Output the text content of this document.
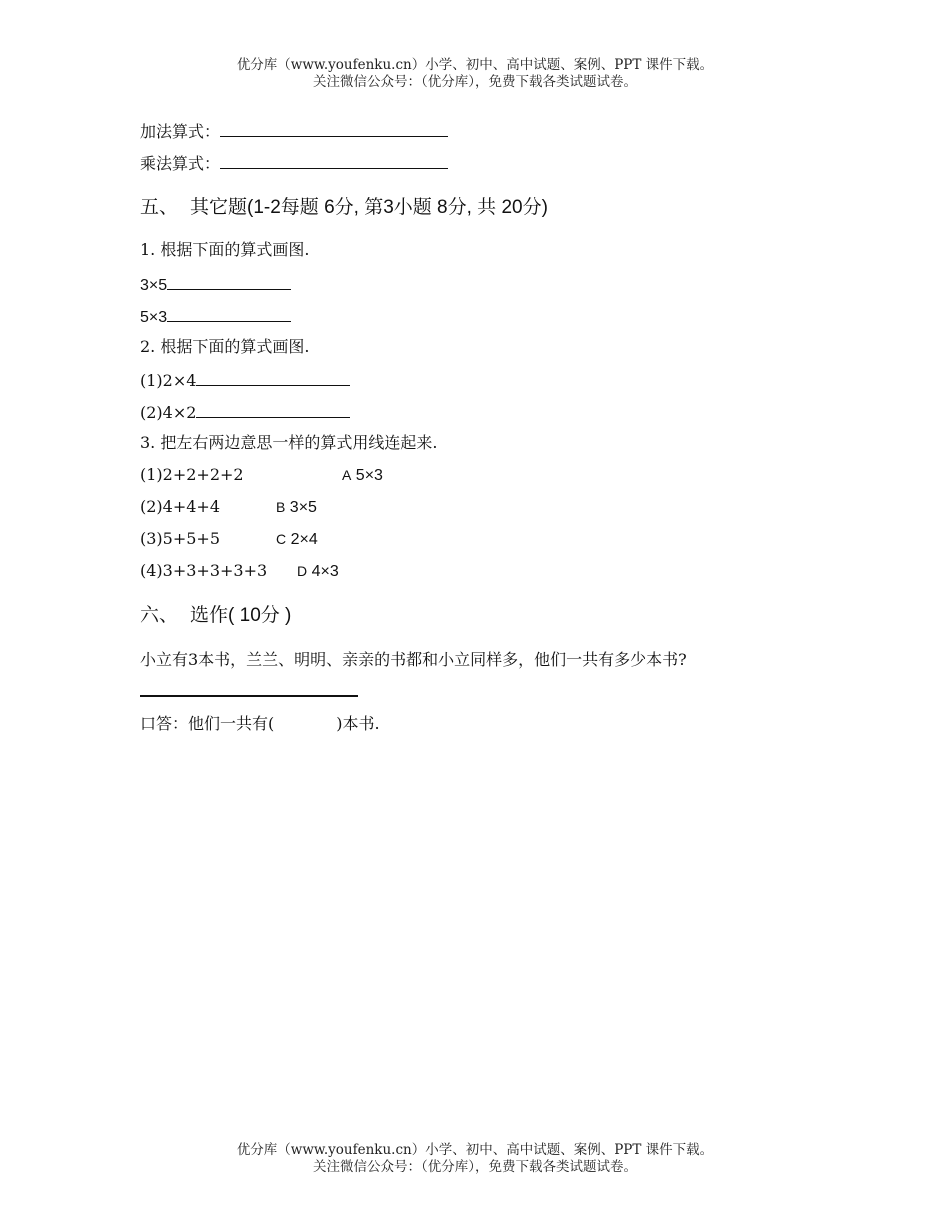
优分库（www.youfenku.cn）小学、初中、高中试题、案例、PPT 课件下载。
关注微信公众号：（优分库），免费下载各类试题试卷。
加法算式：
乘法算式：
五、 其它题(1-2每题 6分, 第3小题 8分, 共 20分)
1. 根据下面的算式画图.
3×5
5×3
2. 根据下面的算式画图.
(1)2×4
(2)4×2
3. 把左右两边意思一样的算式用线连起来.
(1)2+2+2+2
(2)4+4+4
(3)5+5+5
(4)3+3+3+3+3
A 5×3
B 3×5
C 2×4
D 4×3
六、 选作( 10分 )
小立有3本书，兰兰、明明、亲亲的书都和小立同样多，他们一共有多少本书?
口答：他们一共有(	)本书.
优分库（www.youfenku.cn）小学、初中、高中试题、案例、PPT 课件下载。
关注微信公众号：（优分库），免费下载各类试题试卷。
